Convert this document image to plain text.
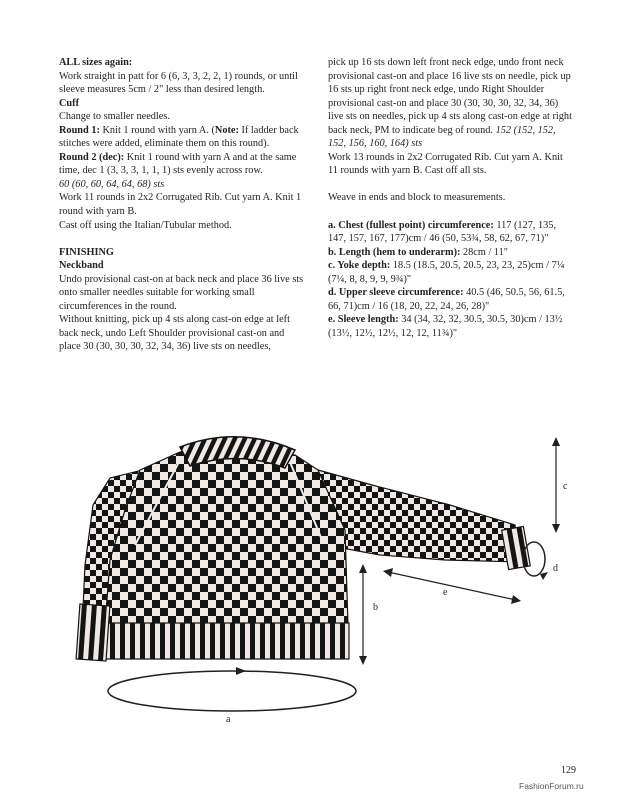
ALL sizes again:

Work straight in patt for 6 (6, 3, 3, 2, 2, 1) rounds, or until sleeve measures 5cm / 2" less than desired length.

Cuff

Change to smaller needles.

Round 1: Knit 1 round with yarn A. (Note: If ladder back stitches were added, eliminate them on this round).

Round 2 (dec): Knit 1 round with yarn A and at the same time, dec 1 (3, 3, 3, 1, 1, 1) sts evenly across row.

60 (60, 60, 64, 64, 68) sts

Work 11 rounds in 2x2 Corrugated Rib. Cut yarn A. Knit 1 round with yarn B.

Cast off using the Italian/Tubular method.

FINISHING

Neckband

Undo provisional cast-on at back neck and place 36 live sts onto smaller needles suitable for working small circumferences in the round.

Without knitting, pick up 4 sts along cast-on edge at left back neck, undo Left Shoulder provisional cast-on and place 30 (30, 30, 30, 32, 34, 36) live sts on needles,

pick up 16 sts down left front neck edge, undo front neck provisional cast-on and place 16 live sts on needle, pick up 16 sts up right front neck edge, undo Right Shoulder provisional cast-on and place 30 (30, 30, 30, 32, 34, 36) live sts on needles, pick up 4 sts along cast-on edge at right back neck, PM to indicate beg of round. 152 (152, 152, 152, 156, 160, 164) sts

Work 13 rounds in 2x2 Corrugated Rib. Cut yarn A. Knit 11 rounds with yarn B. Cast off all sts.

Weave in ends and block to measurements.

a. Chest (fullest point) circumference: 117 (127, 135, 147, 157, 167, 177)cm / 46 (50, 53¾, 58, 62, 67, 71)"

b. Length (hem to underarm): 28cm / 11"

c. Yoke depth: 18.5 (18.5, 20.5, 20.5, 23, 23, 25)cm / 7¼ (7¼, 8, 8, 9, 9, 9¾)"

d. Upper sleeve circumference: 40.5 (46, 50.5, 56, 61.5, 66, 71)cm / 16 (18, 20, 22, 24, 26, 28)"

e. Sleeve length: 34 (34, 32, 32, 30.5, 30.5, 30)cm / 13½ (13½, 12½, 12½, 12, 12, 11¾)"

a
b
c
d
e
129
FashionForum.ru
